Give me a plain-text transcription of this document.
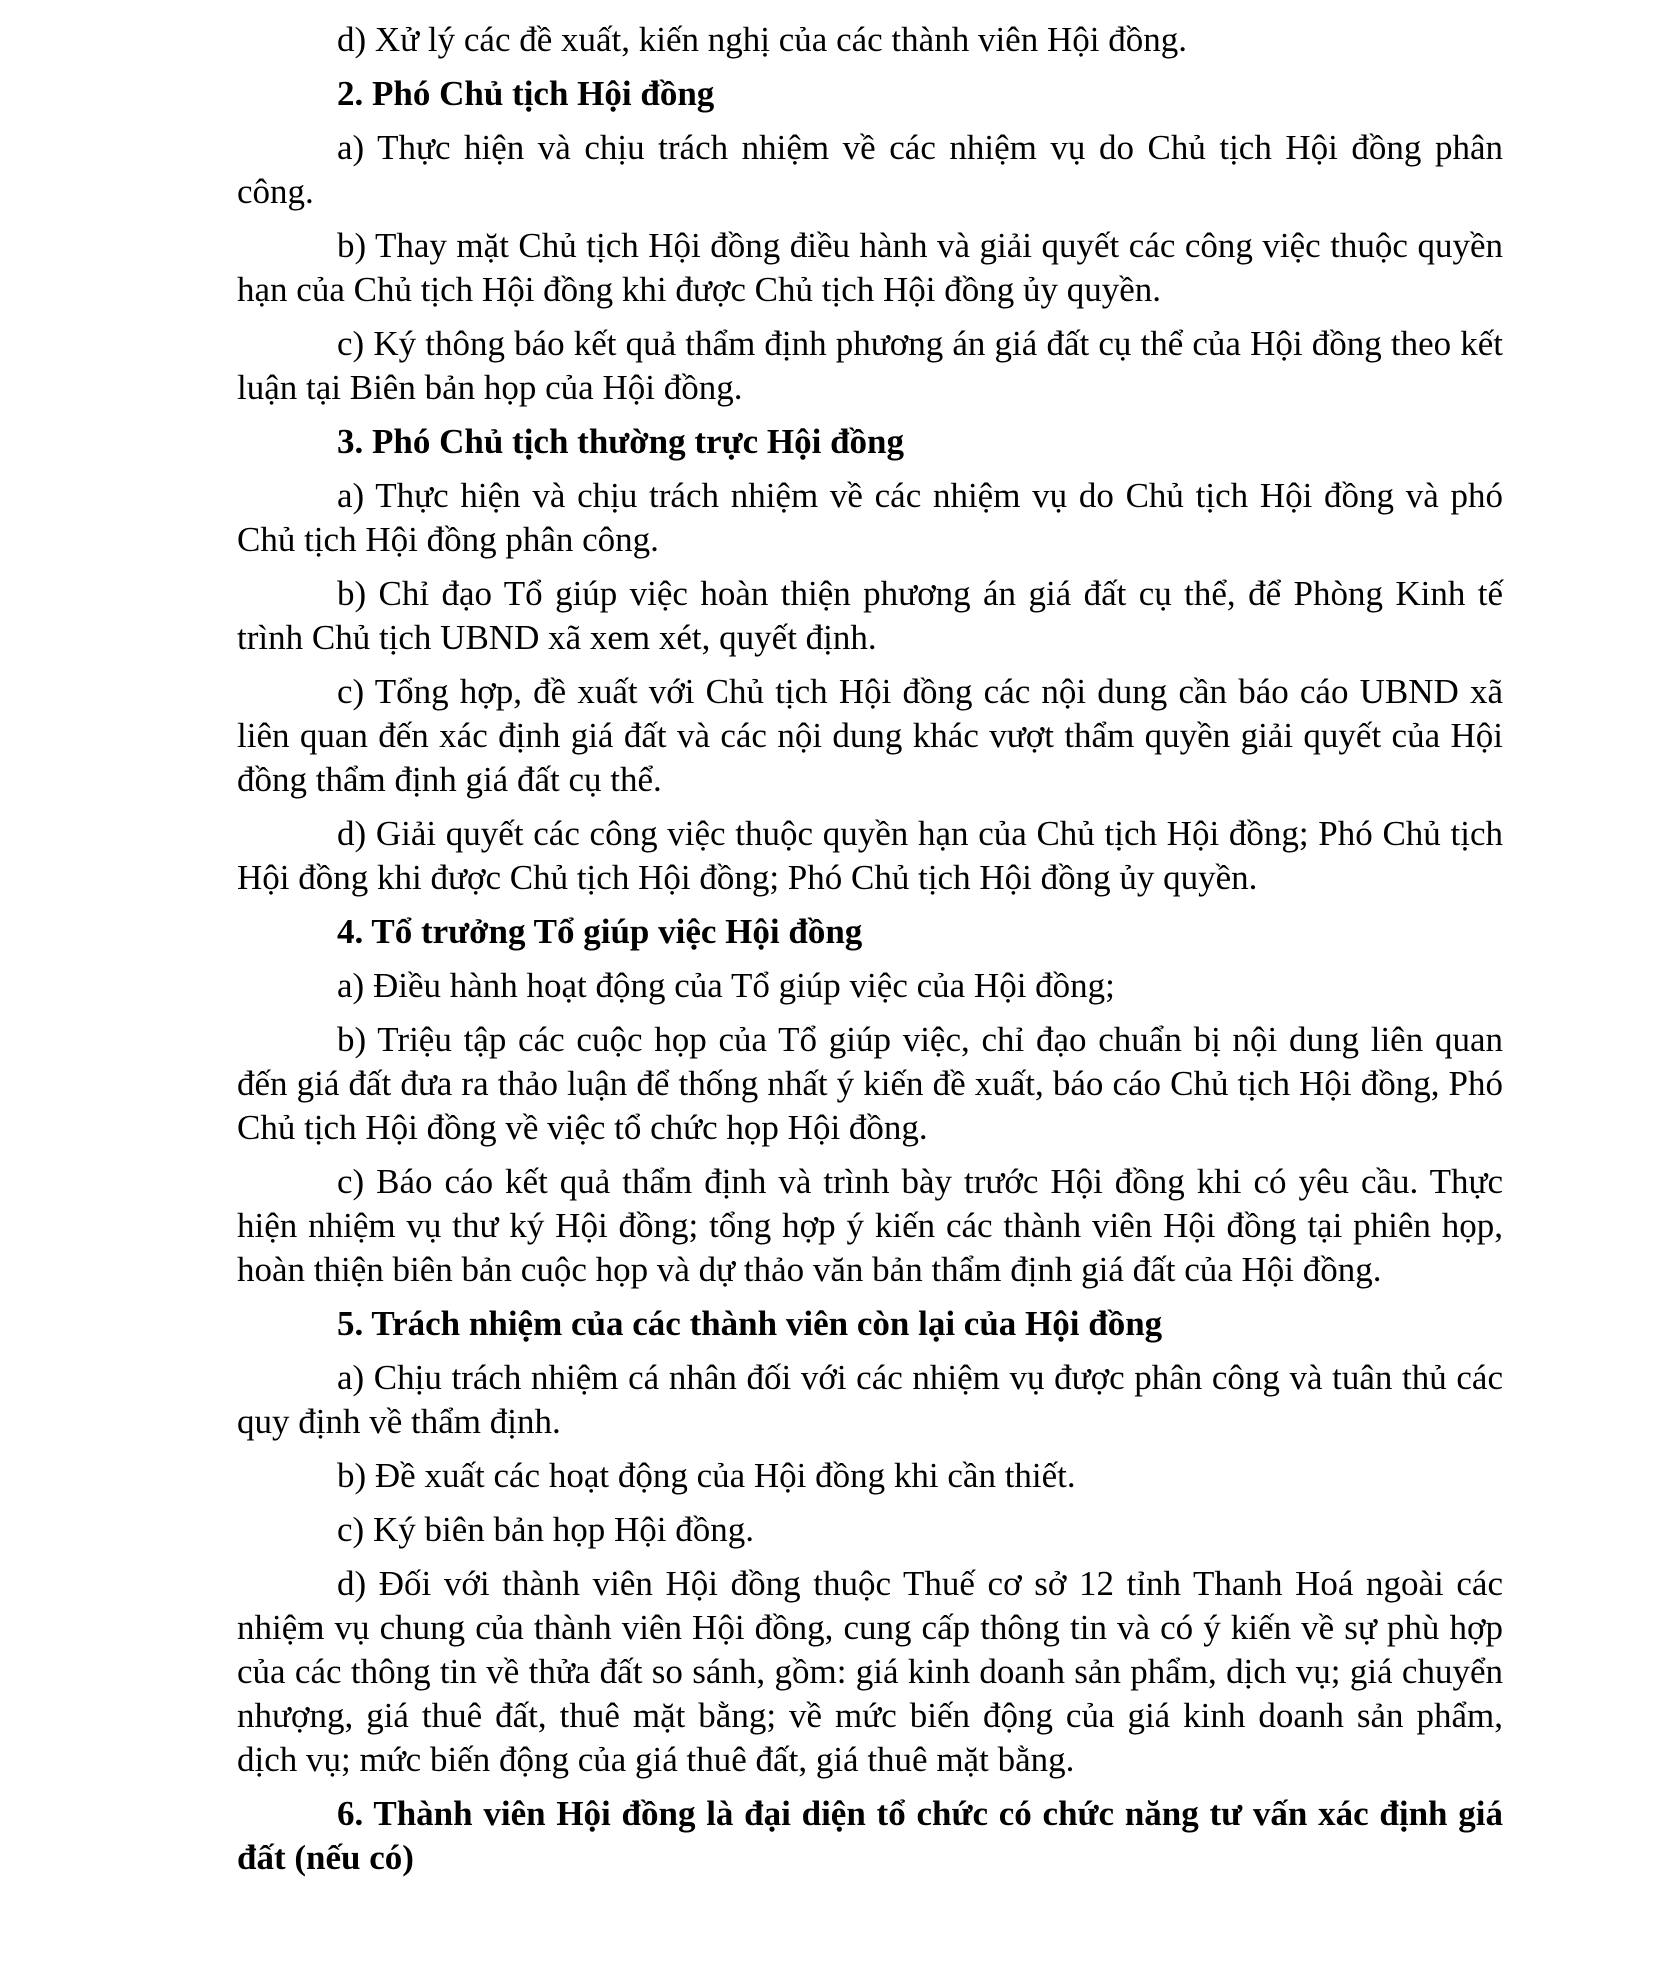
d) Xử lý các đề xuất, kiến nghị của các thành viên Hội đồng.

2. Phó Chủ tịch Hội đồng

a) Thực hiện và chịu trách nhiệm về các nhiệm vụ do Chủ tịch Hội đồng phân công.

b) Thay mặt Chủ tịch Hội đồng điều hành và giải quyết các công việc thuộc quyền hạn của Chủ tịch Hội đồng khi được Chủ tịch Hội đồng ủy quyền.

c) Ký thông báo kết quả thẩm định phương án giá đất cụ thể của Hội đồng theo kết luận tại Biên bản họp của Hội đồng.

3. Phó Chủ tịch thường trực Hội đồng

a) Thực hiện và chịu trách nhiệm về các nhiệm vụ do Chủ tịch Hội đồng và phó Chủ tịch Hội đồng phân công.

b) Chỉ đạo Tổ giúp việc hoàn thiện phương án giá đất cụ thể, để Phòng Kinh tế trình Chủ tịch UBND xã xem xét, quyết định.

c) Tổng hợp, đề xuất với Chủ tịch Hội đồng các nội dung cần báo cáo UBND xã liên quan đến xác định giá đất và các nội dung khác vượt thẩm quyền giải quyết của Hội đồng thẩm định giá đất cụ thể.

d) Giải quyết các công việc thuộc quyền hạn của Chủ tịch Hội đồng; Phó Chủ tịch Hội đồng khi được Chủ tịch Hội đồng; Phó Chủ tịch Hội đồng ủy quyền.

4. Tổ trưởng Tổ giúp việc Hội đồng

a) Điều hành hoạt động của Tổ giúp việc của Hội đồng;

b) Triệu tập các cuộc họp của Tổ giúp việc, chỉ đạo chuẩn bị nội dung liên quan đến giá đất đưa ra thảo luận để thống nhất ý kiến đề xuất, báo cáo Chủ tịch Hội đồng, Phó Chủ tịch Hội đồng về việc tổ chức họp Hội đồng.

c) Báo cáo kết quả thẩm định và trình bày trước Hội đồng khi có yêu cầu. Thực hiện nhiệm vụ thư ký Hội đồng; tổng hợp ý kiến các thành viên Hội đồng tại phiên họp, hoàn thiện biên bản cuộc họp và dự thảo văn bản thẩm định giá đất của Hội đồng.

5. Trách nhiệm của các thành viên còn lại của Hội đồng

a) Chịu trách nhiệm cá nhân đối với các nhiệm vụ được phân công và tuân thủ các quy định về thẩm định.

b) Đề xuất các hoạt động của Hội đồng khi cần thiết.

c) Ký biên bản họp Hội đồng.

d) Đối với thành viên Hội đồng thuộc Thuế cơ sở 12 tỉnh Thanh Hoá ngoài các nhiệm vụ chung của thành viên Hội đồng, cung cấp thông tin và có ý kiến về sự phù hợp của các thông tin về thửa đất so sánh, gồm: giá kinh doanh sản phẩm, dịch vụ; giá chuyển nhượng, giá thuê đất, thuê mặt bằng; về mức biến động của giá kinh doanh sản phẩm, dịch vụ; mức biến động của giá thuê đất, giá thuê mặt bằng.

6. Thành viên Hội đồng là đại diện tổ chức có chức năng tư vấn xác định giá đất (nếu có)
